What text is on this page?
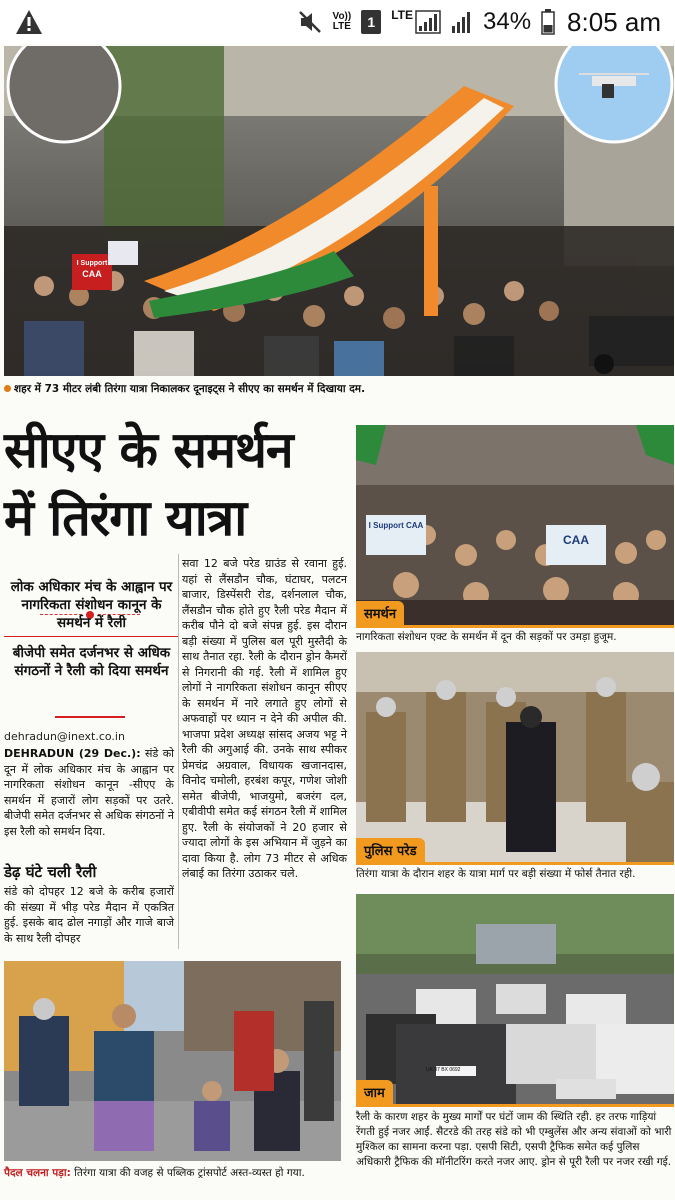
Vo))
LTE 1 LTE	34% 8:05 am
I Support
CAA
शहर में 73 मीटर लंबी तिरंगा यात्रा निकालकर दूनाइट्स ने सीएए का समर्थन में दिखाया दम.
सीएए के समर्थन
में तिरंगा यात्रा
लोक अधिकार मंच के आह्वान पर नागरिकता संशोधन कानून के समर्थन में रैली
बीजेपी समेत दर्जनभर से अधिक संगठनों ने रैली को दिया समर्थन
dehradun@inext.co.in
DEHRADUN (29 Dec.): संडे को दून में लोक अधिकार मंच के आह्वान पर नागरिकता संशोधन कानून -सीएए के समर्थन में हजारों लोग सड़कों पर उतरे. बीजेपी समेत दर्जनभर से अधिक संगठनों ने इस रैली को समर्थन दिया.
डेढ़ घंटे चली रैली
संडे को दोपहर 12 बजे के करीब हजारों की संख्या में भीड़ परेड मैदान में एकत्रित हुई. इसके बाद ढोल नगाड़ों और गाजे बाजे के साथ रैली दोपहर
सवा 12 बजे परेड ग्राउंड से रवाना हुई. यहां से लैंसडौन चौक, घंटाघर, पलटन बाजार, डिस्पेंसरी रोड, दर्शनलाल चौक, लैंसडौन चौक होते हुए रैली परेड मैदान में करीब पौने दो बजे संपन्न हुई. इस दौरान बड़ी संख्या में पुलिस बल पूरी मुस्तैदी के साथ तैनात रहा. रैली के दौरान ड्रोन कैमरों से निगरानी की गई. रैली में शामिल हुए लोगों ने नागरिकता संशोधन कानून सीएए के समर्थन में नारे लगाते हुए लोगों से अफवाहों पर ध्यान न देने की अपील की. भाजपा प्रदेश अध्यक्ष सांसद अजय भट्ट ने रैली की अगुआई की. उनके साथ स्पीकर प्रेमचंद्र अग्रवाल, विधायक खजानदास, विनोद चमोली, हरबंश कपूर, गणेश जोशी समेत बीजेपी, भाजयुमो, बजरंग दल, एबीवीपी समेत कई संगठन रैली में शामिल हुए. रैली के संयोजकों ने 20 हजार से ज्यादा लोगों के इस अभियान में जुड़ने का दावा किया है. लोग 73 मीटर से अधिक लंबाई का तिरंगा उठाकर चले.
I Support CAA
CAA
समर्थन
नागरिकता संशोधन एक्ट के समर्थन में दून की सड़कों पर उमड़ा हुजूम.
पुलिस परेड
तिरंगा यात्रा के दौरान शहर के यात्रा मार्ग पर बड़ी संख्या में फोर्स तैनात रही.
UK 07 BX 0692
जाम
रैली के कारण शहर के मुख्य मार्गों पर घंटों जाम की स्थिति रही. हर तरफ गाड़ियां रेंगती हुई नजर आईं. सैटरडे की तरह संडे को भी एम्बुलेंस और अन्य संवाओं को भारी मुश्किल का सामना करना पड़ा. एसपी सिटी, एसपी ट्रैफिक समेत कई पुलिस अधिकारी ट्रैफिक की मॉनीटरिंग करते नजर आए. ड्रोन से पूरी रैली पर नजर रखी गई.
पैदल चलना पड़ा: तिरंगा यात्रा की वजह से पब्लिक ट्रांसपोर्ट अस्त-व्यस्त हो गया.
